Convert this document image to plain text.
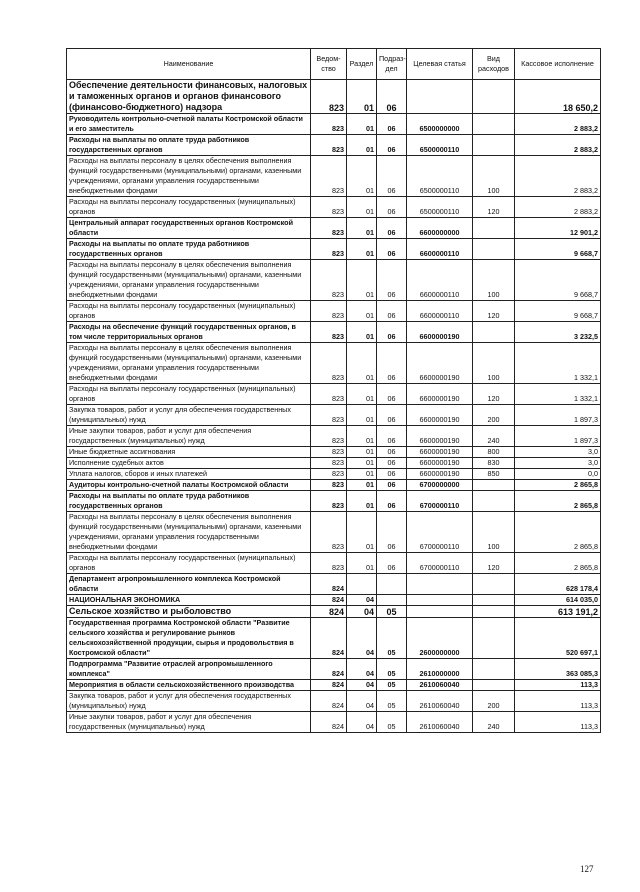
Наименование	Ведом-ство	Раздел	Подраз-дел	Целевая статья	Вид расходов	Кассовое исполнение
Обеспечение деятельности финансовых, налоговых и таможенных органов и органов финансового (финансово-бюджетного) надзора	823	01	06			18 650,2
Руководитель контрольно-счетной палаты Костромской области и его заместитель	823	01	06	6500000000		2 883,2
Расходы на выплаты по оплате труда работников государственных органов	823	01	06	6500000110		2 883,2
Расходы на выплаты персоналу в целях обеспечения выполнения функций государственными (муниципальными) органами, казенными учреждениями, органами управления государственными внебюджетными фондами	823	01	06	6500000110	100	2 883,2
Расходы на выплаты персоналу государственных (муниципальных) органов	823	01	06	6500000110	120	2 883,2
Центральный аппарат государственных органов Костромской области	823	01	06	6600000000		12 901,2
Расходы на выплаты по оплате труда работников государственных органов	823	01	06	6600000110		9 668,7
Расходы на выплаты персоналу в целях обеспечения выполнения функций государственными (муниципальными) органами, казенными учреждениями, органами управления государственными внебюджетными фондами	823	01	06	6600000110	100	9 668,7
Расходы на выплаты персоналу государственных (муниципальных) органов	823	01	06	6600000110	120	9 668,7
Расходы на обеспечение функций государственных органов, в том числе территориальных органов	823	01	06	6600000190		3 232,5
Расходы на выплаты персоналу в целях обеспечения выполнения функций государственными (муниципальными) органами, казенными учреждениями, органами управления государственными внебюджетными фондами	823	01	06	6600000190	100	1 332,1
Расходы на выплаты персоналу государственных (муниципальных) органов	823	01	06	6600000190	120	1 332,1
Закупка товаров, работ и услуг для обеспечения государственных (муниципальных) нужд	823	01	06	6600000190	200	1 897,3
Иные закупки товаров, работ и услуг для обеспечения государственных (муниципальных) нужд	823	01	06	6600000190	240	1 897,3
Иные бюджетные ассигнования	823	01	06	6600000190	800	3,0
Исполнение судебных актов	823	01	06	6600000190	830	3,0
Уплата налогов, сборов и иных платежей	823	01	06	6600000190	850	0,0
Аудиторы контрольно-счетной палаты Костромской области	823	01	06	6700000000		2 865,8
Расходы на выплаты по оплате труда работников государственных органов	823	01	06	6700000110		2 865,8
Расходы на выплаты персоналу в целях обеспечения выполнения функций государственными (муниципальными) органами, казенными учреждениями, органами управления государственными внебюджетными фондами	823	01	06	6700000110	100	2 865,8
Расходы на выплаты персоналу государственных (муниципальных) органов	823	01	06	6700000110	120	2 865,8
Департамент агропромышленного комплекса Костромской области	824					628 178,4
НАЦИОНАЛЬНАЯ ЭКОНОМИКА	824	04				614 035,0
Сельское хозяйство и рыболовство	824	04	05			613 191,2
Государственная программа Костромской области "Развитие сельского хозяйства и регулирование рынков сельскохозяйственной продукции, сырья и продовольствия в Костромской области"	824	04	05	2600000000		520 697,1
Подпрограмма "Развитие отраслей агропромышленного комплекса"	824	04	05	2610000000		363 085,3
Мероприятия в области сельскохозяйственного производства	824	04	05	2610060040		113,3
Закупка товаров, работ и услуг для обеспечения государственных (муниципальных) нужд	824	04	05	2610060040	200	113,3
Иные закупки товаров, работ и услуг для обеспечения государственных (муниципальных) нужд	824	04	05	2610060040	240	113,3
127
